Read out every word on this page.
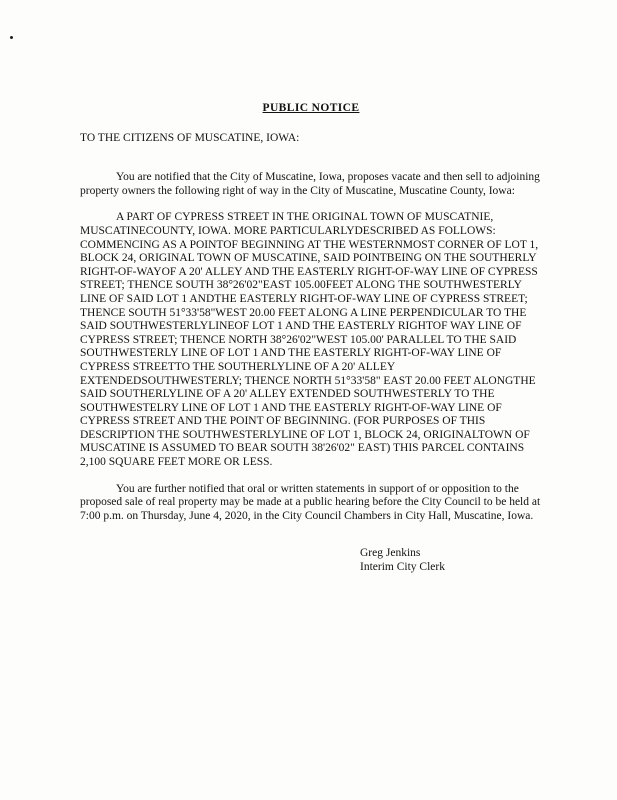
PUBLIC NOTICE
TO THE CITIZENS OF MUSCATINE, IOWA:

You are notified that the City of Muscatine, Iowa, proposes vacate and then sell to adjoining property owners the following right of way in the City of Muscatine, Muscatine County, Iowa:

A PART OF CYPRESS STREET IN THE ORIGINAL TOWN OF MUSCATNIE, MUSCATINECOUNTY, IOWA. MORE PARTICULARLYDESCRIBED AS FOLLOWS: COMMENCING AS A POINTOF BEGINNING AT THE WESTERNMOST CORNER OF LOT 1, BLOCK 24, ORIGINAL TOWN OF MUSCATINE, SAID POINTBEING ON THE SOUTHERLY RIGHT-OF-WAYOF A 20' ALLEY AND THE EASTERLY RIGHT-OF-WAY LINE OF CYPRESS STREET; THENCE SOUTH 38°26'02"EAST 105.00FEET ALONG THE SOUTHWESTERLY LINE OF SAID LOT 1 ANDTHE EASTERLY RIGHT-OF-WAY LINE OF CYPRESS STREET; THENCE SOUTH 51°33'58"WEST 20.00 FEET ALONG A LINE PERPENDICULAR TO THE SAID SOUTHWESTERLYLINEOF LOT 1 AND THE EASTERLY RIGHTOF WAY LINE OF CYPRESS STREET; THENCE NORTH 38°26'02"WEST 105.00' PARALLEL TO THE SAID SOUTHWESTERLY LINE OF LOT 1 AND THE EASTERLY RIGHT-OF-WAY LINE OF CYPRESS STREETTO THE SOUTHERLYLINE OF A 20' ALLEY EXTENDEDSOUTHWESTERLY; THENCE NORTH 51°33'58" EAST 20.00 FEET ALONGTHE SAID SOUTHERLYLINE OF A 20' ALLEY EXTENDED SOUTHWESTERLY TO THE SOUTHWESTELRY LINE OF LOT 1 AND THE EASTERLY RIGHT-OF-WAY LINE OF CYPRESS STREET AND THE POINT OF BEGINNING. (FOR PURPOSES OF THIS DESCRIPTION THE SOUTHWESTERLYLINE OF LOT 1, BLOCK 24, ORIGINALTOWN OF MUSCATINE IS ASSUMED TO BEAR SOUTH 38'26'02" EAST) THIS PARCEL CONTAINS 2,100 SQUARE FEET MORE OR LESS.

You are further notified that oral or written statements in support of or opposition to the proposed sale of real property may be made at a public hearing before the City Council to be held at 7:00 p.m. on Thursday, June 4, 2020, in the City Council Chambers in City Hall, Muscatine, Iowa.

Greg Jenkins
Interim City Clerk
